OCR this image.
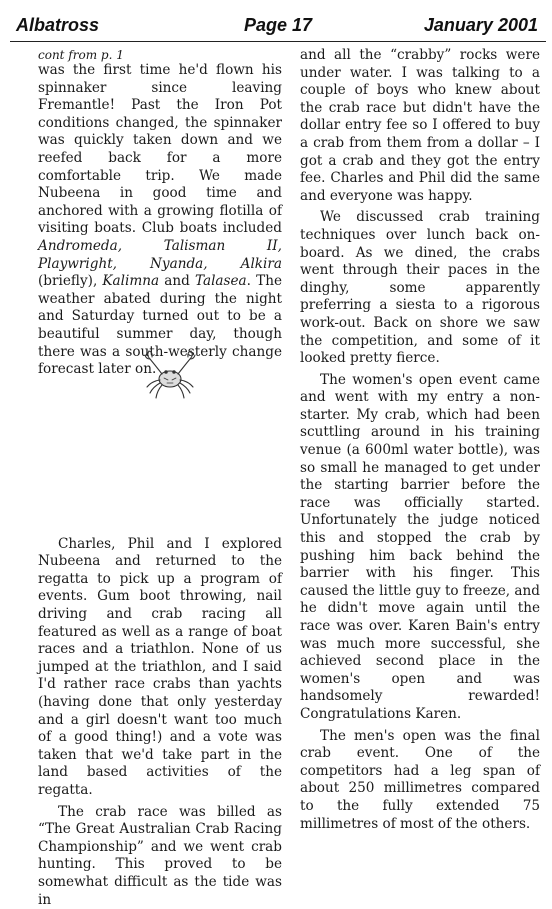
Albatross	Page 17	January 2001

cont from p. 1

was the first time he'd flown his spinnaker since leaving Fremantle! Past the Iron Pot conditions changed, the spinnaker was quickly taken down and we reefed back for a more comfortable trip. We made Nubeena in good time and anchored with a growing flotilla of visiting boats. Club boats included Andromeda,	Talisman II, Playwright, Nyanda, Alkira (briefly), Kalimna and Talasea. The weather abated during the night and Saturday turned out to be a beautiful summer day, though there was a south-westerly change forecast later on.

Charles, Phil and I explored Nubeena and returned to the regatta to pick up a program of events. Gum boot throwing, nail driving and crab racing all featured as well as a range of boat races and a triathlon. None of us jumped at the triathlon, and I said I'd rather race crabs than yachts (having done that only yesterday and a girl doesn't want too much of a good thing!) and a vote was taken that we'd take part in the land based activities of the regatta.

The crab race was billed as “The Great Australian Crab Racing Championship” and we went crab hunting. This proved to be somewhat difficult as the tide was in

and all the “crabby” rocks were under water. I was talking to a couple of boys who knew about the crab race but didn't have the dollar entry fee so I offered to buy a crab from them from a dollar – I got a crab and they got the entry fee. Charles and Phil did the same and everyone was happy.

We discussed crab training techniques over lunch back on-board. As we dined, the crabs went through their paces in the dinghy, some apparently preferring a siesta to a rigorous work-out. Back on shore we saw the competition, and some of it looked pretty fierce.

The women's open event came and went with my entry a non-starter. My crab, which had been scuttling around in his training venue (a 600ml water bottle), was so small he managed to get under the starting barrier before the race was officially started. Unfortunately the judge noticed this and stopped the crab by pushing him back behind the barrier with his finger. This caused the little guy to freeze, and he didn't move again until the race was over. Karen Bain's entry was much more successful, she achieved second place in the women's open and was handsomely rewarded! Congratulations Karen.

The men's open was the final crab event. One of the competitors had a leg span of about 250 millimetres compared to the fully extended 75 millimetres of most of the others.
